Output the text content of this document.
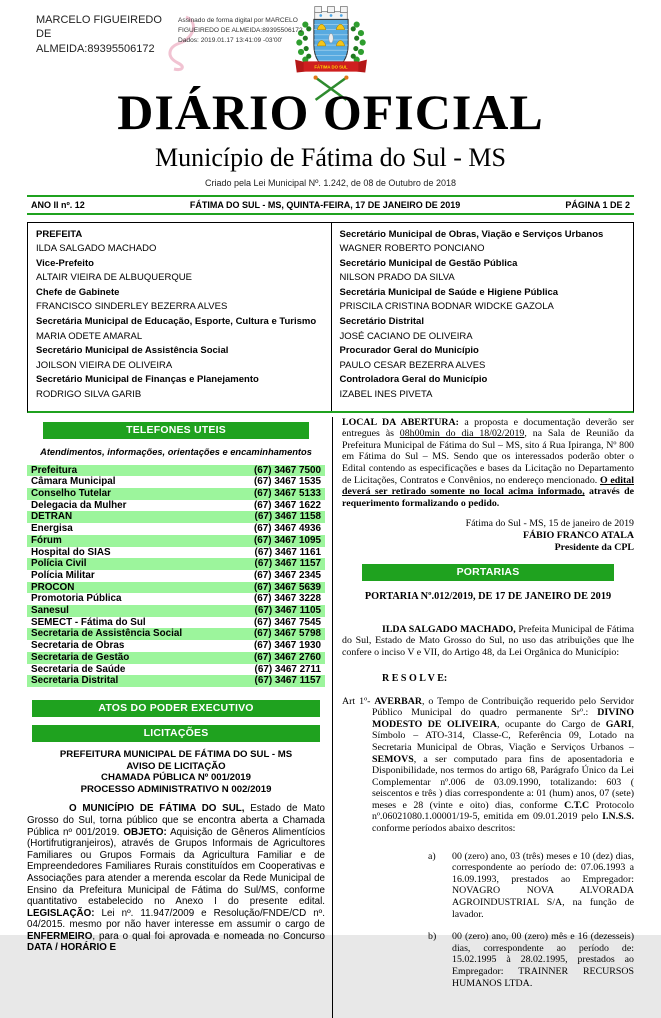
MARCELO FIGUEIREDO DE ALMEIDA:89395506172
Assinado de forma digital por MARCELO FIGUEIREDO DE ALMEIDA:89395506172
Dados: 2019.01.17 13:41:09 -03'00'
FÁTIMA DO SUL
DIÁRIO OFICIAL
Município de Fátima do Sul - MS
Criado pela Lei Municipal Nº. 1.242, de 08 de Outubro de 2018
ANO II nº. 12	FÁTIMA DO SUL - MS, QUINTA-FEIRA, 17 DE JANEIRO DE 2019	PÁGINA 1 DE 2
PREFEITA
ILDA SALGADO MACHADO
Vice-Prefeito
ALTAIR VIEIRA DE ALBUQUERQUE
Chefe de Gabinete
FRANCISCO SINDERLEY BEZERRA ALVES
Secretária Municipal de Educação, Esporte, Cultura e Turismo
MARIA ODETE AMARAL
Secretário Municipal de Assistência Social
JOILSON VIEIRA DE OLIVEIRA
Secretário Municipal de Finanças e Planejamento
RODRIGO SILVA GARIB
Secretário Municipal de Obras, Viação e Serviços Urbanos
WAGNER ROBERTO PONCIANO
Secretário Municipal de Gestão Pública
NILSON PRADO DA SILVA
Secretária Municipal de Saúde e Higiene Pública
PRISCILA CRISTINA BODNAR WIDCKE GAZOLA
Secretário Distrital
JOSÉ CACIANO DE OLIVEIRA
Procurador Geral do Município
PAULO CESAR BEZERRA ALVES
Controladora Geral do Município
IZABEL INES PIVETA
TELEFONES UTEIS
Atendimentos, informações, orientações e encaminhamentos
Prefeitura	(67) 3467 7500
Câmara Municipal	(67) 3467 1535
Conselho Tutelar	(67) 3467 5133
Delegacia da Mulher	(67) 3467 1622
DETRAN	(67) 3467 1158
Energisa	(67) 3467 4936
Fórum	(67) 3467 1095
Hospital do SIAS	(67) 3467 1161
Polícia Civil	(67) 3467 1157
Polícia Militar	(67) 3467 2345
PROCON	(67) 3467 5639
Promotoria Pública	(67) 3467 3228
Sanesul	(67) 3467 1105
SEMECT - Fátima do Sul	(67) 3467 7545
Secretaria de Assistência Social	(67) 3467 5798
Secretaria de Obras	(67) 3467 1930
Secretaria de Gestão	(67) 3467 2760
Secretaria de Saúde	(67) 3467 2711
Secretaria Distrital	(67) 3467 1157
ATOS DO PODER EXECUTIVO
LICITAÇÕES
PREFEITURA MUNICIPAL DE FÁTIMA DO SUL - MS
AVISO DE LICITAÇÃO
CHAMADA PÚBLICA Nº 001/2019
PROCESSO ADMINISTRATIVO N 002/2019

O MUNICÍPIO DE FÁTIMA DO SUL, Estado de Mato Grosso do Sul, torna público que se encontra aberta a Chamada Pública nº 001/2019. OBJETO: Aquisição de Gêneros Alimentícios (Hortifrutigranjeiros), através de Grupos Informais de Agricultores Familiares ou Grupos Formais da Agricultura Familiar e de Empreendedores Familiares Rurais constituídos em Cooperativas e Associações para atender a merenda escolar da Rede Municipal de Ensino da Prefeitura Municipal de Fátima do Sul/MS, conforme quantitativo estabelecido no Anexo I do presente edital. LEGISLAÇÃO: Lei nº. 11.947/2009 e Resolução/FNDE/CD nº. 04/2015. mesmo por não haver interesse em assumir o cargo de ENFERMEIRO, para o qual foi aprovada e nomeada no Concurso DATA / HORÁRIO E

LOCAL DA ABERTURA: a proposta e documentação deverão ser entregues às 08h00min do dia 18/02/2019, na Sala de Reunião da Prefeitura Municipal de Fátima do Sul – MS, sito á Rua Ipiranga, Nº 800 em Fátima do Sul – MS. Sendo que os interessados poderão obter o Edital contendo as especificações e bases da Licitação no Departamento de Licitações, Contratos e Convênios, no endereço mencionado. O edital deverá ser retirado somente no local acima informado, através de requerimento formalizando o pedido.

Fátima do Sul - MS, 15 de janeiro de 2019
FÁBIO FRANCO ATALA
Presidente da CPL
PORTARIAS
PORTARIA Nº.012/2019, DE 17 DE JANEIRO DE 2019

ILDA SALGADO MACHADO, Prefeita Municipal de Fátima do Sul, Estado de Mato Grosso do Sul, no uso das atribuições que lhe confere o inciso V e VII, do Artigo 48, da Lei Orgânica do Município:

R E S O L V E:

Art 1º- AVERBAR, o Tempo de Contribuição requerido pelo Servidor Público Municipal do quadro permanente Srº.: DIVINO MODESTO DE OLIVEIRA, ocupante do Cargo de GARI, Símbolo – ATO-314, Classe-C, Referência 09, Lotado na Secretaria Municipal de Obras, Viação e Serviços Urbanos – SEMOVS, a ser computado para fins de aposentadoria e Disponibilidade, nos termos do artigo 68, Parágrafo Único da Lei Complementar nº.006 de 03.09.1990, totalizando: 603 ( seiscentos e três ) dias correspondente a: 01 (hum) anos, 07 (sete) meses e 28 (vinte e oito) dias, conforme C.T.C Protocolo nº.06021080.1.00001/19-5, emitida em 09.01.2019 pelo I.N.S.S. conforme períodos abaixo descritos:

a)	00 (zero) ano, 03 (três) meses e 10 (dez) dias, correspondente ao período de: 07.06.1993 a 16.09.1993, prestados ao Empregador: NOVAGRO NOVA ALVORADA AGROINDUSTRIAL S/A, na função de lavador.
b)	00 (zero) ano, 00 (zero) mês e 16 (dezesseis) dias, correspondente ao período de: 15.02.1995 à 28.02.1995, prestados ao Empregador: TRAINNER RECURSOS HUMANOS LTDA.
